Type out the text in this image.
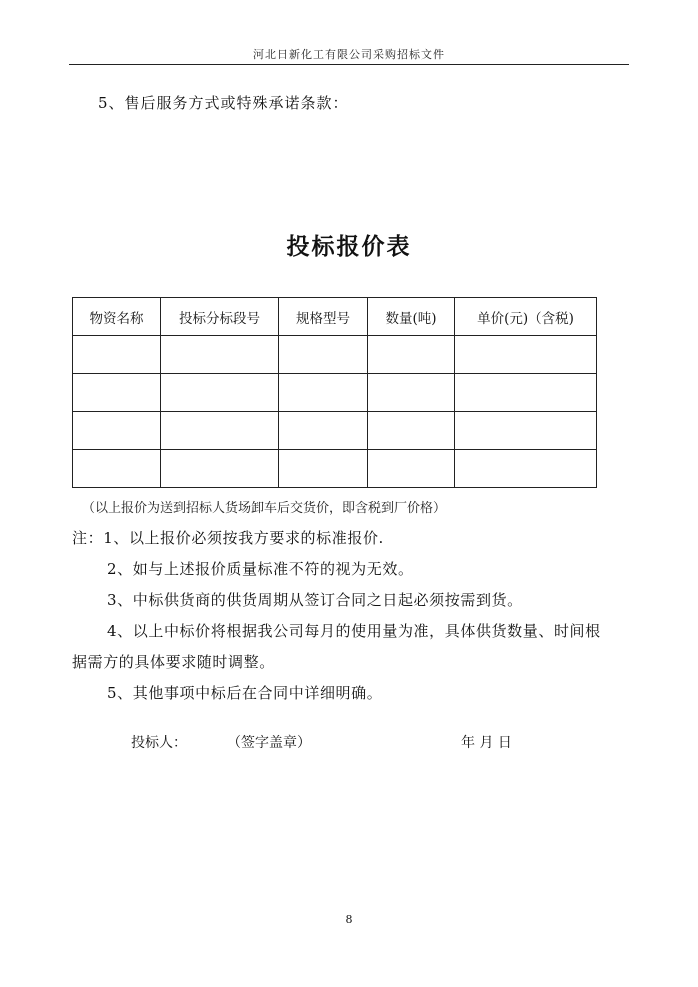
河北日新化工有限公司采购招标文件
5、售后服务方式或特殊承诺条款：
投标报价表
物资名称	投标分标段号	规格型号	数量(吨)	单价(元)（含税)

（以上报价为送到招标人货场卸车后交货价，即含税到厂价格）
注：1、以上报价必须按我方要求的标准报价.
2、如与上述报价质量标准不符的视为无效。
3、中标供货商的供货周期从签订合同之日起必须按需到货。
4、以上中标价将根据我公司每月的使用量为准，具体供货数量、时间根
据需方的具体要求随时调整。
5、其他事项中标后在合同中详细明确。
投标人：	（签字盖章）	年 月 日
8
